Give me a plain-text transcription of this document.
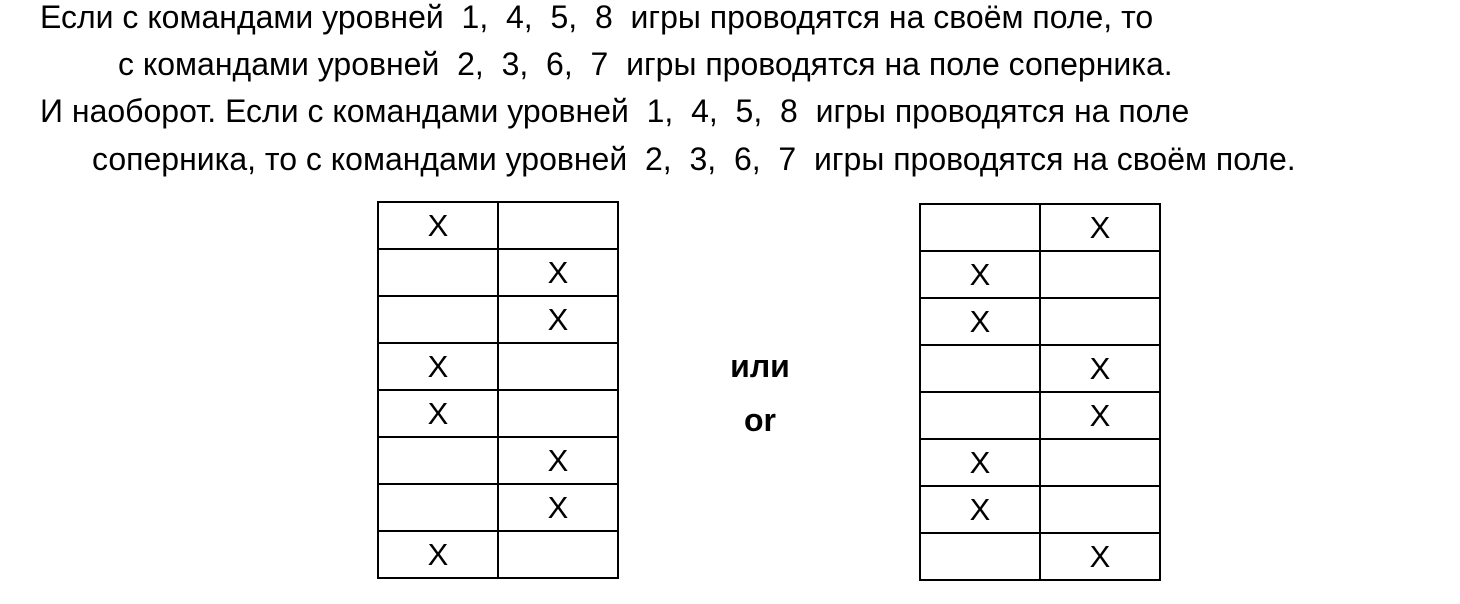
Если с командами уровней  1,  4,  5,  8  игры проводятся на своём поле, то
с командами уровней  2,  3,  6,  7  игры проводятся на поле соперника.
И наоборот. Если с командами уровней  1,  4,  5,  8  игры проводятся на поле
соперника, то с командами уровней  2,  3,  6,  7  игры проводятся на своём поле.
X	
	X
	X
X	
X	
	X
	X
X	
или
or
	X
X	
X	
	X
	X
X	
X	
	X
